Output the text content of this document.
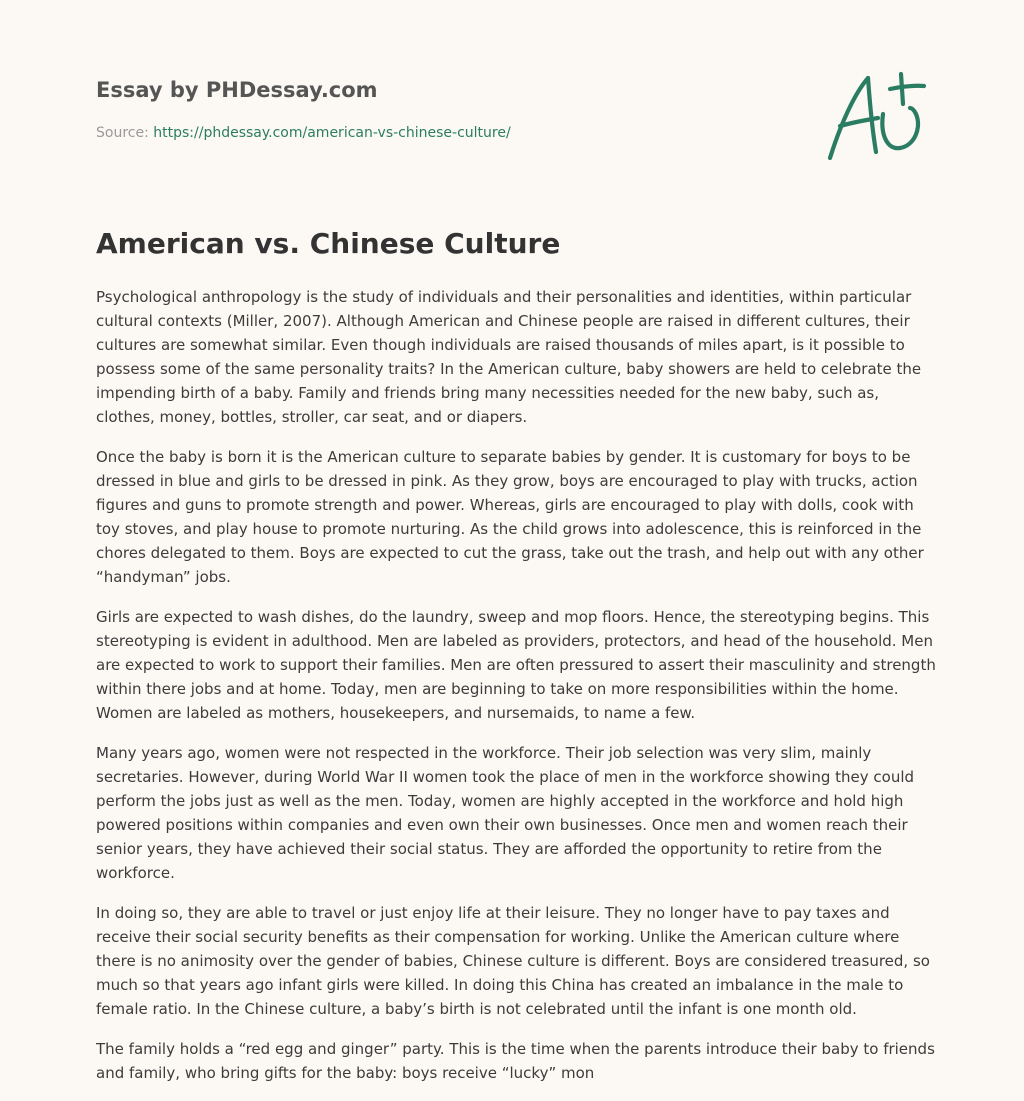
Essay by PHDessay.com
Source: https://phdessay.com/american-vs-chinese-culture/
American vs. Chinese Culture

Psychological anthropology is the study of individuals and their personalities and identities, within particular cultural contexts (Miller, 2007). Although American and Chinese people are raised in different cultures, their cultures are somewhat similar. Even though individuals are raised thousands of miles apart, is it possible to possess some of the same personality traits? In the American culture, baby showers are held to celebrate the impending birth of a baby. Family and friends bring many necessities needed for the new baby, such as, clothes, money, bottles, stroller, car seat, and or diapers.

Once the baby is born it is the American culture to separate babies by gender. It is customary for boys to be dressed in blue and girls to be dressed in pink. As they grow, boys are encouraged to play with trucks, action figures and guns to promote strength and power. Whereas, girls are encouraged to play with dolls, cook with toy stoves, and play house to promote nurturing. As the child grows into adolescence, this is reinforced in the chores delegated to them. Boys are expected to cut the grass, take out the trash, and help out with any other “handyman” jobs.

Girls are expected to wash dishes, do the laundry, sweep and mop floors. Hence, the stereotyping begins. This stereotyping is evident in adulthood. Men are labeled as providers, protectors, and head of the household. Men are expected to work to support their families. Men are often pressured to assert their masculinity and strength within there jobs and at home. Today, men are beginning to take on more responsibilities within the home. Women are labeled as mothers, housekeepers, and nursemaids, to name a few.

Many years ago, women were not respected in the workforce. Their job selection was very slim, mainly secretaries. However, during World War II women took the place of men in the workforce showing they could perform the jobs just as well as the men. Today, women are highly accepted in the workforce and hold high powered positions within companies and even own their own businesses. Once men and women reach their senior years, they have achieved their social status. They are afforded the opportunity to retire from the workforce.

In doing so, they are able to travel or just enjoy life at their leisure. They no longer have to pay taxes and receive their social security benefits as their compensation for working. Unlike the American culture where there is no animosity over the gender of babies, Chinese culture is different. Boys are considered treasured, so much so that years ago infant girls were killed. In doing this China has created an imbalance in the male to female ratio. In the Chinese culture, a baby’s birth is not celebrated until the infant is one month old.

The family holds a “red egg and ginger” party. This is the time when the parents introduce their baby to friends and family, who bring gifts for the baby: boys receive “lucky” mon
